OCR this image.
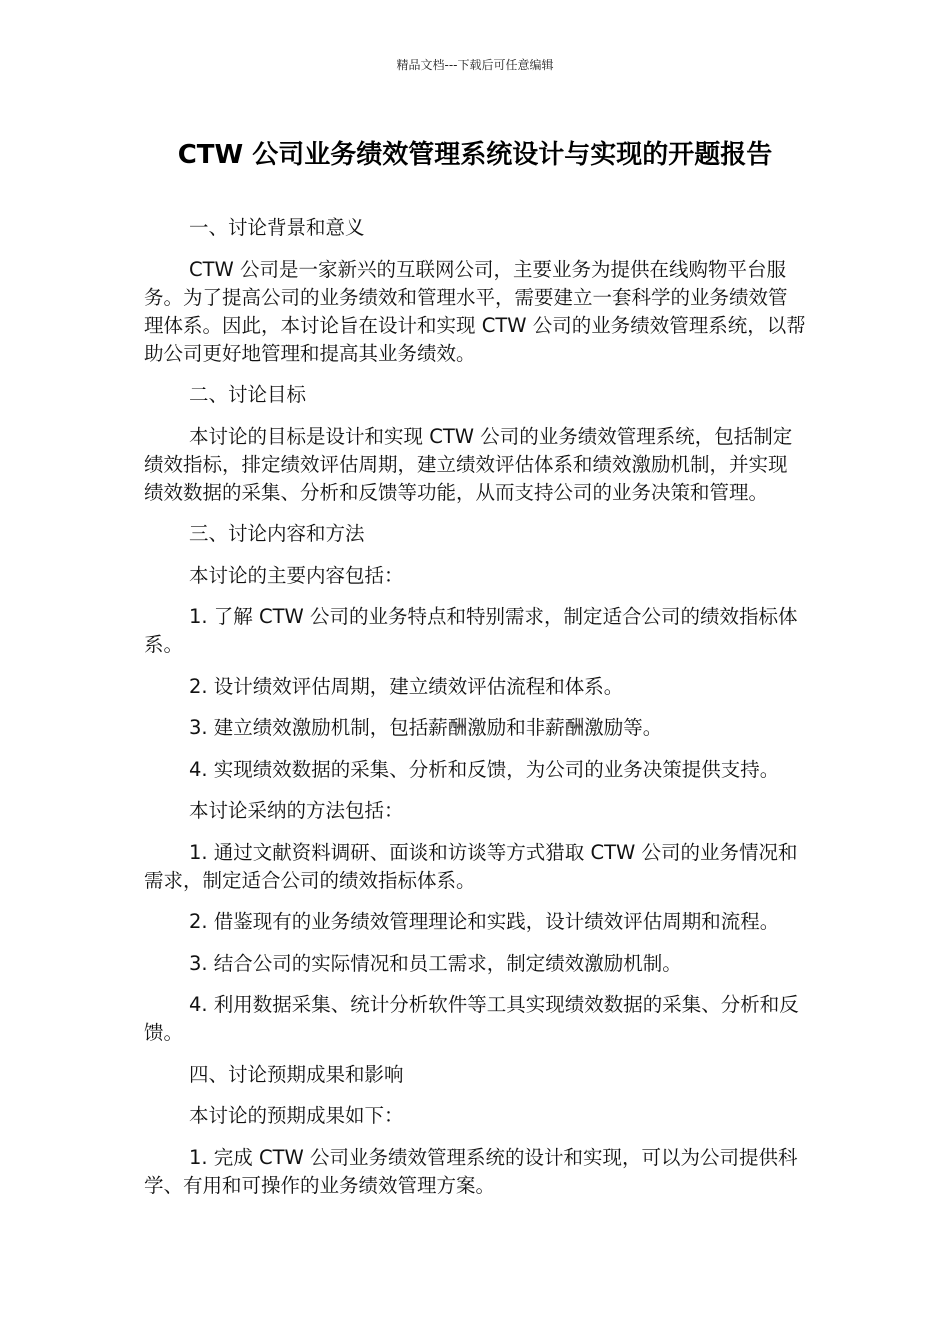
精品文档---下载后可任意编辑
CTW 公司业务绩效管理系统设计与实现的开题报告

一、讨论背景和意义

CTW 公司是一家新兴的互联网公司，主要业务为提供在线购物平台服务。为了提高公司的业务绩效和管理水平，需要建立一套科学的业务绩效管理体系。因此，本讨论旨在设计和实现 CTW 公司的业务绩效管理系统，以帮助公司更好地管理和提高其业务绩效。

二、讨论目标

本讨论的目标是设计和实现 CTW 公司的业务绩效管理系统，包括制定绩效指标，排定绩效评估周期，建立绩效评估体系和绩效激励机制，并实现绩效数据的采集、分析和反馈等功能，从而支持公司的业务决策和管理。

三、讨论内容和方法

本讨论的主要内容包括：

1. 了解 CTW 公司的业务特点和特别需求，制定适合公司的绩效指标体系。

2. 设计绩效评估周期，建立绩效评估流程和体系。

3. 建立绩效激励机制，包括薪酬激励和非薪酬激励等。

4. 实现绩效数据的采集、分析和反馈，为公司的业务决策提供支持。

本讨论采纳的方法包括：

1. 通过文献资料调研、面谈和访谈等方式猎取 CTW 公司的业务情况和需求，制定适合公司的绩效指标体系。

2. 借鉴现有的业务绩效管理理论和实践，设计绩效评估周期和流程。

3. 结合公司的实际情况和员工需求，制定绩效激励机制。

4. 利用数据采集、统计分析软件等工具实现绩效数据的采集、分析和反馈。

四、讨论预期成果和影响

本讨论的预期成果如下：

1. 完成 CTW 公司业务绩效管理系统的设计和实现，可以为公司提供科学、有用和可操作的业务绩效管理方案。
